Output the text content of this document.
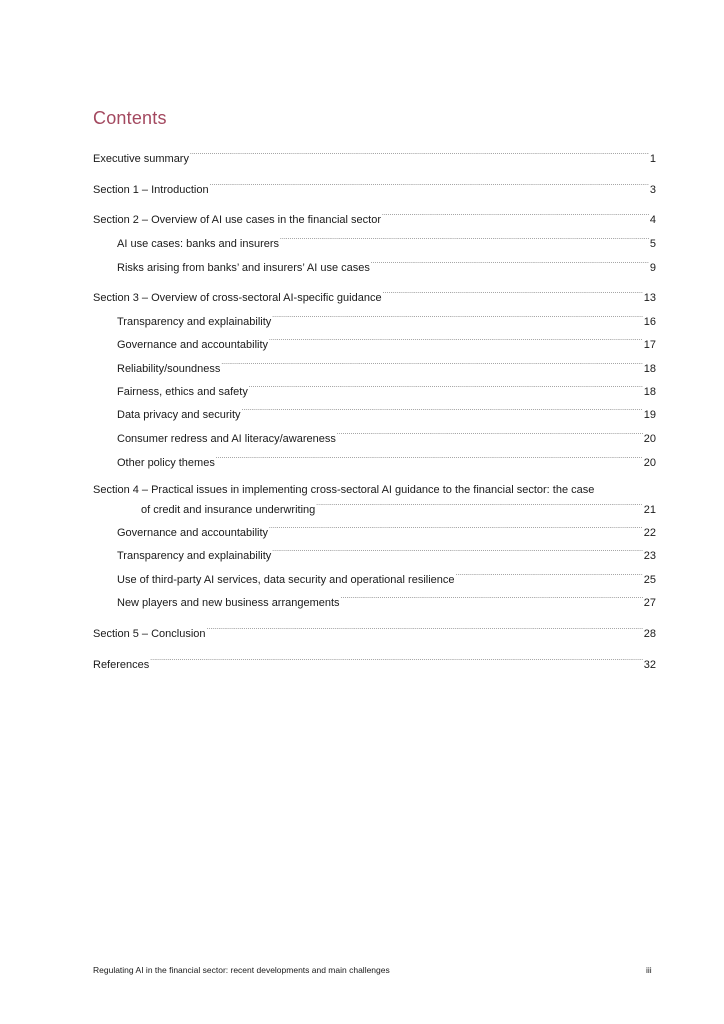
Contents
Executive summary .....	1
Section 1 – Introduction .....	3
Section 2 – Overview of AI use cases in the financial sector .....	4
AI use cases: banks and insurers .....	5
Risks arising from banks’ and insurers’ AI use cases .....	9
Section 3 – Overview of cross-sectoral AI-specific guidance .....	13
Transparency and explainability .....	16
Governance and accountability .....	17
Reliability/soundness .....	18
Fairness, ethics and safety .....	18
Data privacy and security .....	19
Consumer redress and AI literacy/awareness .....	20
Other policy themes .....	20
Section 4 – Practical issues in implementing cross-sectoral AI guidance to the financial sector: the case
of credit and insurance underwriting .....	21
Governance and accountability .....	22
Transparency and explainability .....	23
Use of third-party AI services, data security and operational resilience .....	25
New players and new business arrangements .....	27
Section 5 – Conclusion .....	28
References .....	32
Regulating AI in the financial sector: recent developments and main challenges	iii
